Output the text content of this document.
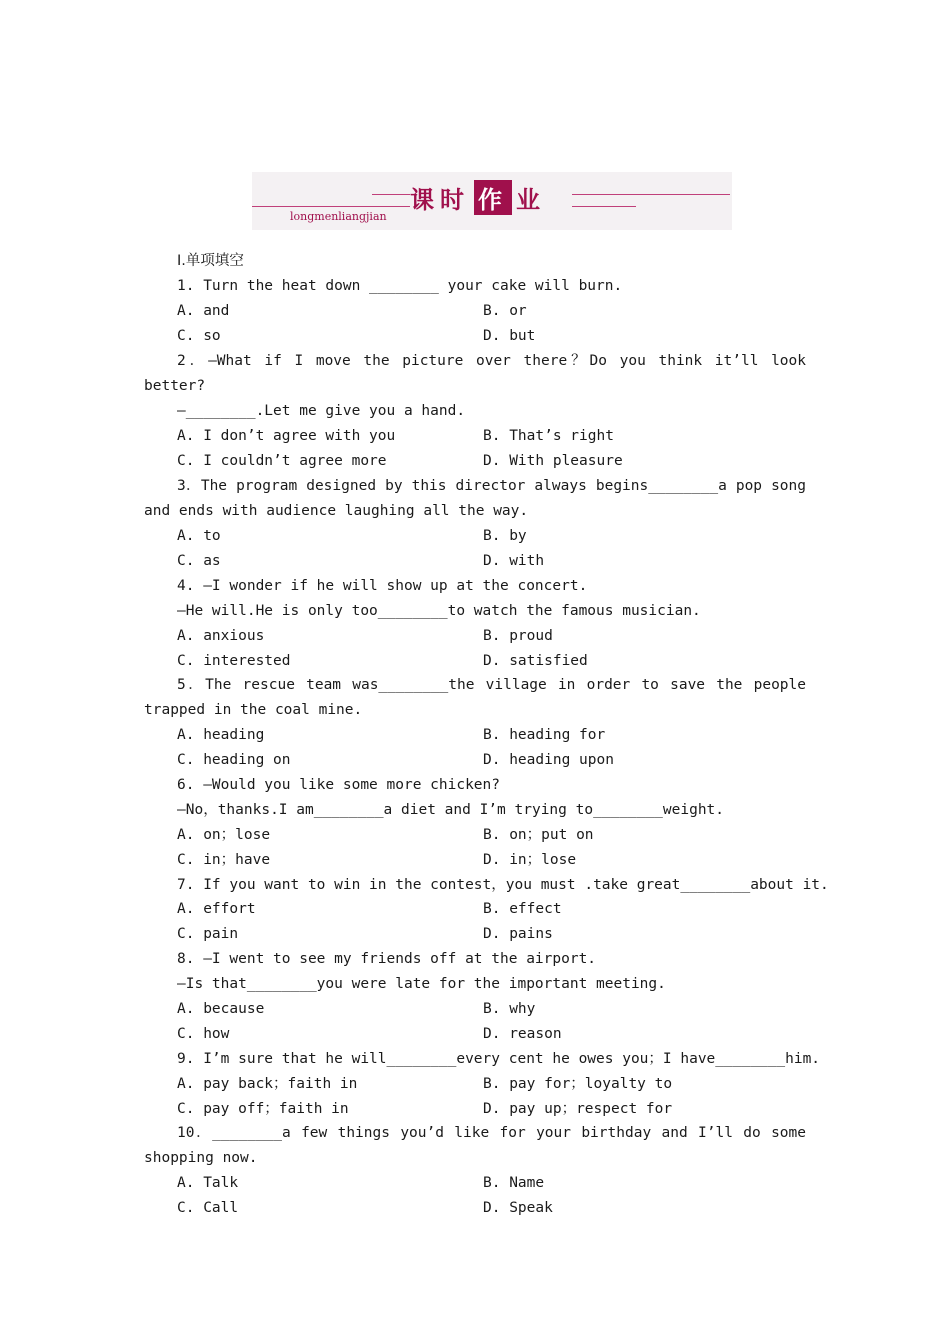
课时 作 业
longmenliangjian
Ⅰ.单项填空
1. Turn the heat down ________ your cake will burn.
A. and	B. or
C. so	D. but
2．—What if I move the picture over there？Do you think it’ll look
better?
—________.Let me give you a hand.
A. I don’t agree with you	B. That’s right
C. I couldn’t agree more	D. With pleasure
3．The program designed by this director always begins________a pop song
and ends with audience laughing all the way.
A. to	B. by
C. as	D. with
4. —I wonder if he will show up at the concert.
—He will.He is only too________to watch the famous musician.
A. anxious	B. proud
C. interested	D. satisfied
5．The rescue team was________the village in order to save the people
trapped in the coal mine.
A. heading	B. heading for
C. heading on	D. heading upon
6. —Would you like some more chicken?
—No，thanks.I am________a diet and I’m trying to________weight.
A. on；lose	B. on；put on
C. in；have	D. in；lose
7. If you want to win in the contest，you must .take great________about it.
A. effort	B. effect
C. pain	D. pains
8. —I went to see my friends off at the airport.
—Is that________you were late for the important meeting.
A. because	B. why
C. how	D. reason
9. I’m sure that he will________every cent he owes you；I have________him.
A. pay back；faith in	B. pay for；loyalty to
C. pay off；faith in	D. pay up；respect for
10．________a few things you’d like for your birthday and I’ll do some
shopping now.
A. Talk	B. Name
C. Call	D. Speak
